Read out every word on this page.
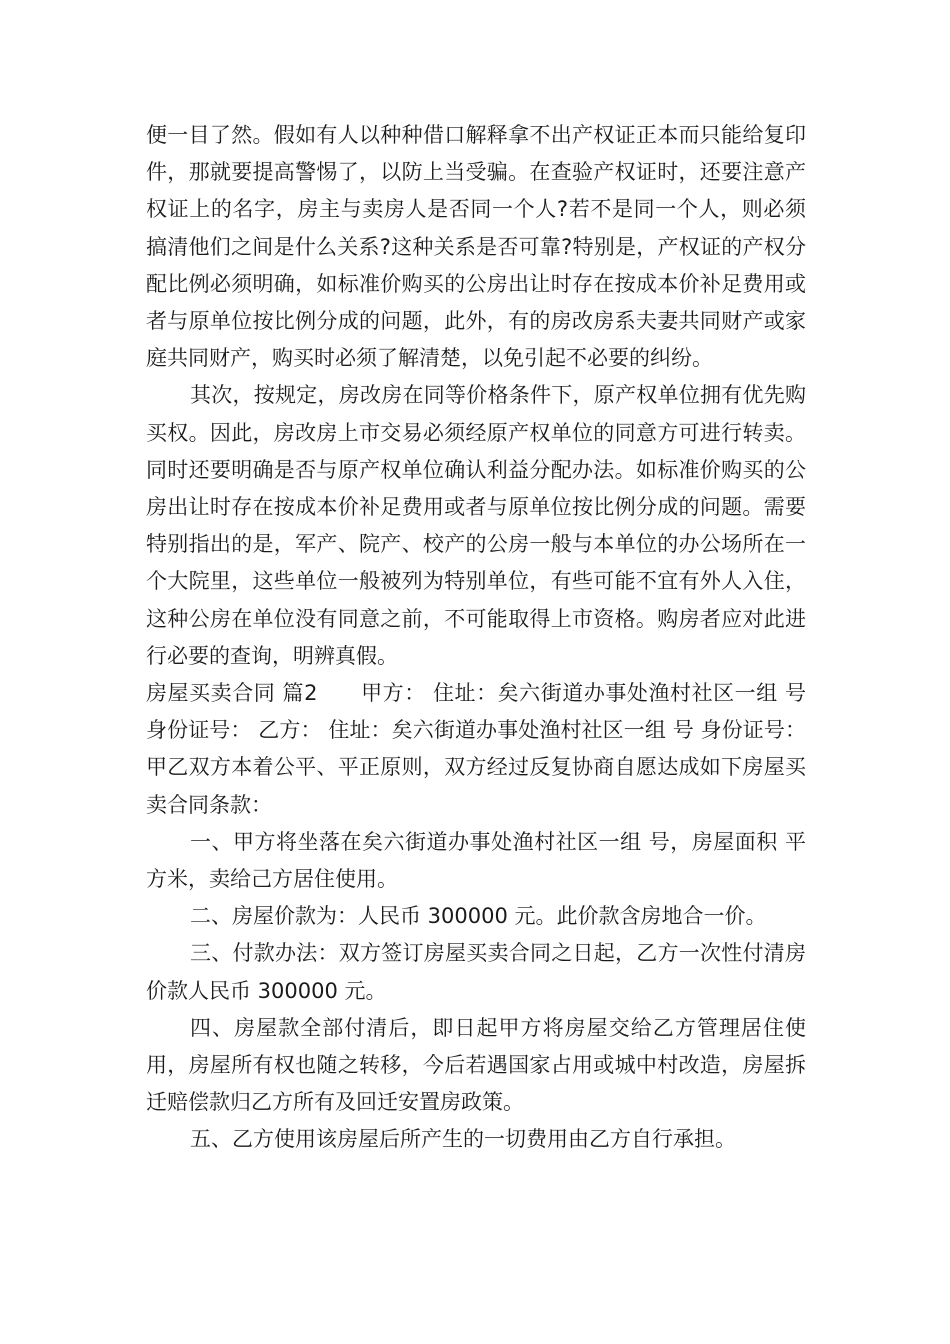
便一目了然。假如有人以种种借口解释拿不出产权证正本而只能给复印件，那就要提高警惕了，以防上当受骗。在查验产权证时，还要注意产权证上的名字，房主与卖房人是否同一个人?若不是同一个人，则必须搞清他们之间是什么关系?这种关系是否可靠?特别是，产权证的产权分配比例必须明确，如标准价购买的公房出让时存在按成本价补足费用或者与原单位按比例分成的问题，此外，有的房改房系夫妻共同财产或家庭共同财产，购买时必须了解清楚，以免引起不必要的纠纷。

其次，按规定，房改房在同等价格条件下，原产权单位拥有优先购买权。因此，房改房上市交易必须经原产权单位的同意方可进行转卖。同时还要明确是否与原产权单位确认利益分配办法。如标准价购买的公房出让时存在按成本价补足费用或者与原单位按比例分成的问题。需要特别指出的是，军产、院产、校产的公房一般与本单位的办公场所在一个大院里，这些单位一般被列为特别单位，有些可能不宜有外人入住，这种公房在单位没有同意之前，不可能取得上市资格。购房者应对此进行必要的查询，明辨真假。

房屋买卖合同 篇2　　甲方： 住址：矣六街道办事处渔村社区一组 号 身份证号： 乙方： 住址：矣六街道办事处渔村社区一组 号 身份证号： 甲乙双方本着公平、平正原则，双方经过反复协商自愿达成如下房屋买卖合同条款：

一、甲方将坐落在矣六街道办事处渔村社区一组 号，房屋面积 平方米，卖给己方居住使用。

二、房屋价款为：人民币 300000 元。此价款含房地合一价。

三、付款办法：双方签订房屋买卖合同之日起，乙方一次性付清房价款人民币 300000 元。

四、房屋款全部付清后，即日起甲方将房屋交给乙方管理居住使用，房屋所有权也随之转移，今后若遇国家占用或城中村改造，房屋拆迁赔偿款归乙方所有及回迁安置房政策。

五、乙方使用该房屋后所产生的一切费用由乙方自行承担。
